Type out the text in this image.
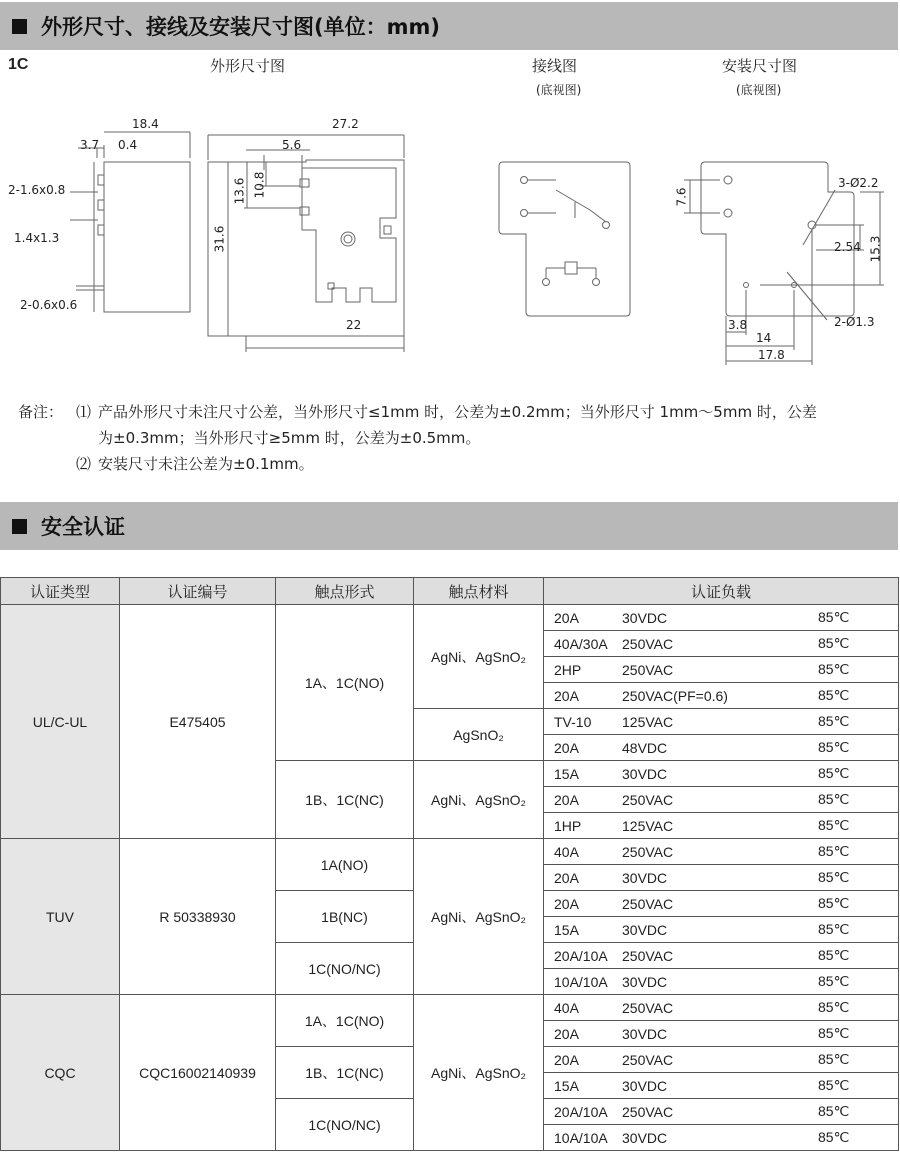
外形尺寸、接线及安装尺寸图(单位：mm)
1C	外形尺寸图	接线图
(底视图)
安装尺寸图
(底视图)
18.4
3.7 0.4
2-1.6x0.8
1.4x1.3
2-0.6x0.6
27.2
5.6
13.6 10.8
31.6
22
7.6
3-Ø2.2
2.54 15.3
3.8
14
2-Ø1.3
17.8
备注： ⑴ 产品外形尺寸未注尺寸公差，当外形尺寸≤1mm 时，公差为±0.2mm；当外形尺寸 1mm～5mm 时，公差
为±0.3mm；当外形尺寸≥5mm 时，公差为±0.5mm。
⑵ 安装尺寸未注公差为±0.1mm。
安全认证
认证类型	认证编号	触点形式	触点材料	认证负载
UL/C-UL	E475405	1A、1C(NO)	AgNi、AgSnO₂	20A 30VDC 85℃

				40A/30A 250VAC 85℃

				2HP 250VAC 85℃

				20A 250VAC(PF=0.6) 85℃

			AgSnO₂	TV-10 125VAC 85℃

				20A 48VDC 85℃

		1B、1C(NC)	AgNi、AgSnO₂	15A 30VDC 85℃

				20A 250VAC 85℃

				1HP 125VAC 85℃

TUV	R 50338930	1A(NO)	AgNi、AgSnO₂	40A 250VAC 85℃

				20A 30VDC 85℃

		1B(NC)		20A 250VAC 85℃

				15A 30VDC 85℃

		1C(NO/NC)		20A/10A 250VAC 85℃

				10A/10A 30VDC 85℃

CQC	CQC16002140939	1A、1C(NO)	AgNi、AgSnO₂	40A 250VAC 85℃

				20A 30VDC 85℃

		1B、1C(NC)		20A 250VAC 85℃

				15A 30VDC 85℃

		1C(NO/NC)		20A/10A 250VAC 85℃

				10A/10A 30VDC 85℃
